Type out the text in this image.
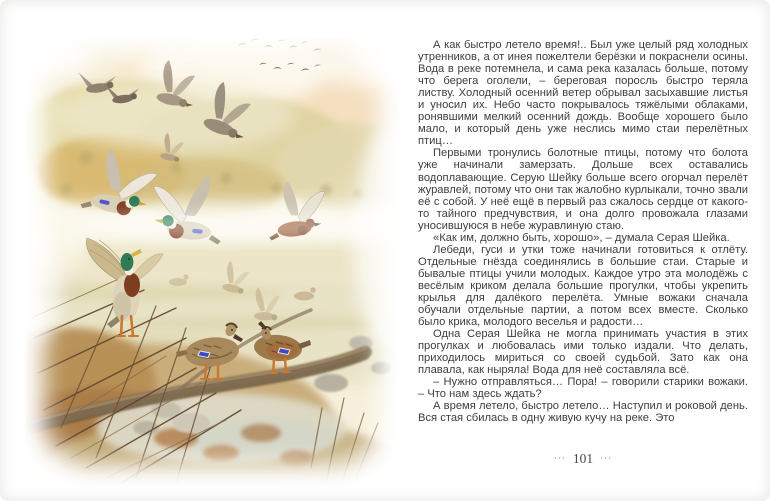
А как быстро летело время!.. Был уже целый ряд холодных утренников, а от инея пожелтели берёзки и покраснели осины. Вода в реке потемнела, и сама река казалась больше, потому что берега оголели, – береговая поросль быстро теряла листву. Холодный осенний ветер обрывал засыхавшие листья и уносил их. Небо часто покрывалось тяжёлыми облаками, ронявшими мелкий осенний дождь. Вообще хорошего было мало, и который день уже неслись мимо стаи перелётных птиц…

Первыми тронулись болотные птицы, потому что болота уже начинали замерзать. Дольше всех оставались водоплавающие. Серую Шейку больше всего огорчал перелёт журавлей, потому что они так жалобно курлыкали, точно звали её с собой. У неё ещё в первый раз сжалось сердце от какого-то тайного предчувствия, и она долго провожала глазами уносившуюся в небе журавлиную стаю.

«Как им, должно быть, хорошо», – думала Серая Шейка.

Лебеди, гуси и утки тоже начинали готовиться к отлёту. Отдельные гнёзда соединялись в большие стаи. Старые и бывалые птицы учили молодых. Каждое утро эта молодёжь с весёлым криком делала большие прогулки, чтобы укрепить крылья для далёкого перелёта. Умные вожаки сначала обучали отдельные партии, а потом всех вместе. Сколько было крика, молодого веселья и радости…

Одна Серая Шейка не могла принимать участия в этих прогулках и любовалась ими только издали. Что делать, приходилось мириться со своей судьбой. Зато как она плавала, как ныряла! Вода для неё составляла всё.

– Нужно отправляться… Пора! – говорили старики вожаки. – Что нам здесь ждать?

А время летело, быстро летело… Наступил и роковой день. Вся стая сбилась в одну живую кучу на реке. Это

··· 101 ···
